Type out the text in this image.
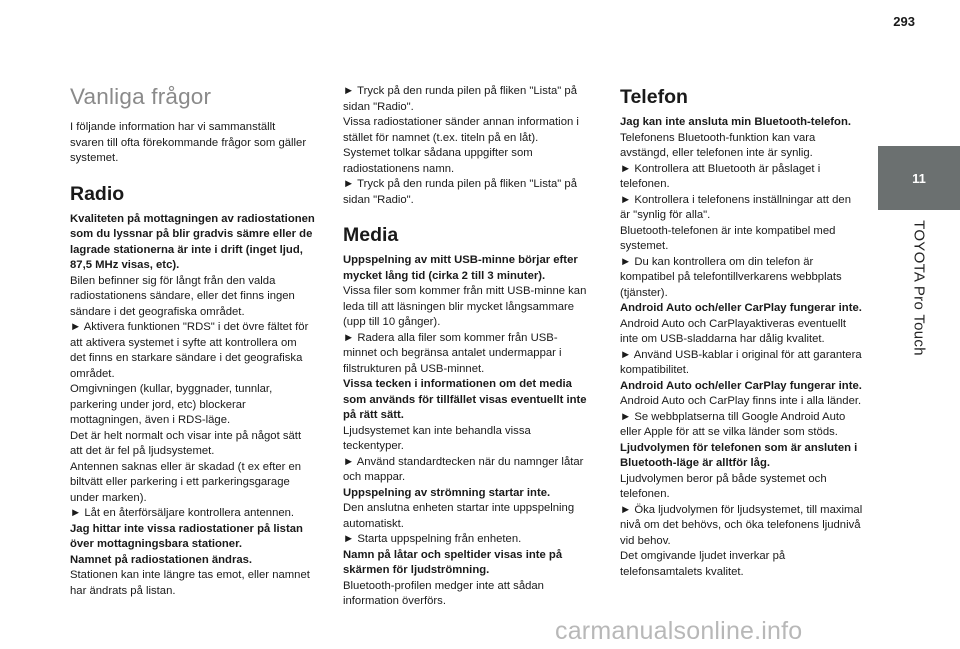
293
11
TOYOTA Pro Touch
Vanliga frågor

I följande information har vi sammanställt

svaren till ofta förekommande frågor som gäller

systemet.

Radio

Kvaliteten på mottagningen av radiostationen

som du lyssnar på blir gradvis sämre eller de

lagrade stationerna är inte i drift (inget ljud,

87,5 MHz visas, etc).

Bilen befinner sig för långt från den valda

radiostationens sändare, eller det finns ingen

sändare i det geografiska området.

► Aktivera funktionen "RDS" i det övre fältet för

att aktivera systemet i syfte att kontrollera om

det finns en starkare sändare i det geografiska

området.

Omgivningen (kullar, byggnader, tunnlar,

parkering under jord, etc) blockerar

mottagningen, även i RDS-läge.

Det är helt normalt och visar inte på något sätt

att det är fel på ljudsystemet.

Antennen saknas eller är skadad (t ex efter en

biltvätt eller parkering i ett parkeringsgarage

under marken).

► Låt en återförsäljare kontrollera antennen.

Jag hittar inte vissa radiostationer på listan

över mottagningsbara stationer.

Namnet på radiostationen ändras.

Stationen kan inte längre tas emot, eller namnet

har ändrats på listan.

► Tryck på den runda pilen på fliken "Lista" på

sidan "Radio".

Vissa radiostationer sänder annan information i

stället för namnet (t.ex. titeln på en låt).

Systemet tolkar sådana uppgifter som

radiostationens namn.

► Tryck på den runda pilen på fliken "Lista" på

sidan "Radio".

Media

Uppspelning av mitt USB-minne börjar efter

mycket lång tid (cirka 2 till 3 minuter).

Vissa filer som kommer från mitt USB-minne kan

leda till att läsningen blir mycket långsammare

(upp till 10 gånger).

► Radera alla filer som kommer från USB-

minnet och begränsa antalet undermappar i

filstrukturen på USB-minnet.

Vissa tecken i informationen om det media

som används för tillfället visas eventuellt inte

på rätt sätt.

Ljudsystemet kan inte behandla vissa

teckentyper.

► Använd standardtecken när du namnger låtar

och mappar.

Uppspelning av strömning startar inte.

Den anslutna enheten startar inte uppspelning

automatiskt.

► Starta uppspelning från enheten.

Namn på låtar och speltider visas inte på

skärmen för ljudströmning.

Bluetooth-profilen medger inte att sådan

information överförs.

Telefon

Jag kan inte ansluta min Bluetooth-telefon.

Telefonens Bluetooth-funktion kan vara

avstängd, eller telefonen inte är synlig.

► Kontrollera att Bluetooth är påslaget i

telefonen.

► Kontrollera i telefonens inställningar att den

är "synlig för alla".

Bluetooth-telefonen är inte kompatibel med

systemet.

► Du kan kontrollera om din telefon är

kompatibel på telefontillverkarens webbplats

(tjänster).

Android Auto och/eller CarPlay fungerar inte.

Android Auto och CarPlayaktiveras eventuellt

inte om USB-sladdarna har dålig kvalitet.

► Använd USB-kablar i original för att garantera

kompatibilitet.

Android Auto och/eller CarPlay fungerar inte.

Android Auto och CarPlay finns inte i alla länder.

► Se webbplatserna till Google Android Auto

eller Apple för att se vilka länder som stöds.

Ljudvolymen för telefonen som är ansluten i

Bluetooth-läge är alltför låg.

Ljudvolymen beror på både systemet och

telefonen.

► Öka ljudvolymen för ljudsystemet, till maximal

nivå om det behövs, och öka telefonens ljudnivå

vid behov.

Det omgivande ljudet inverkar på

telefonsamtalets kvalitet.

carmanualsonline.info
